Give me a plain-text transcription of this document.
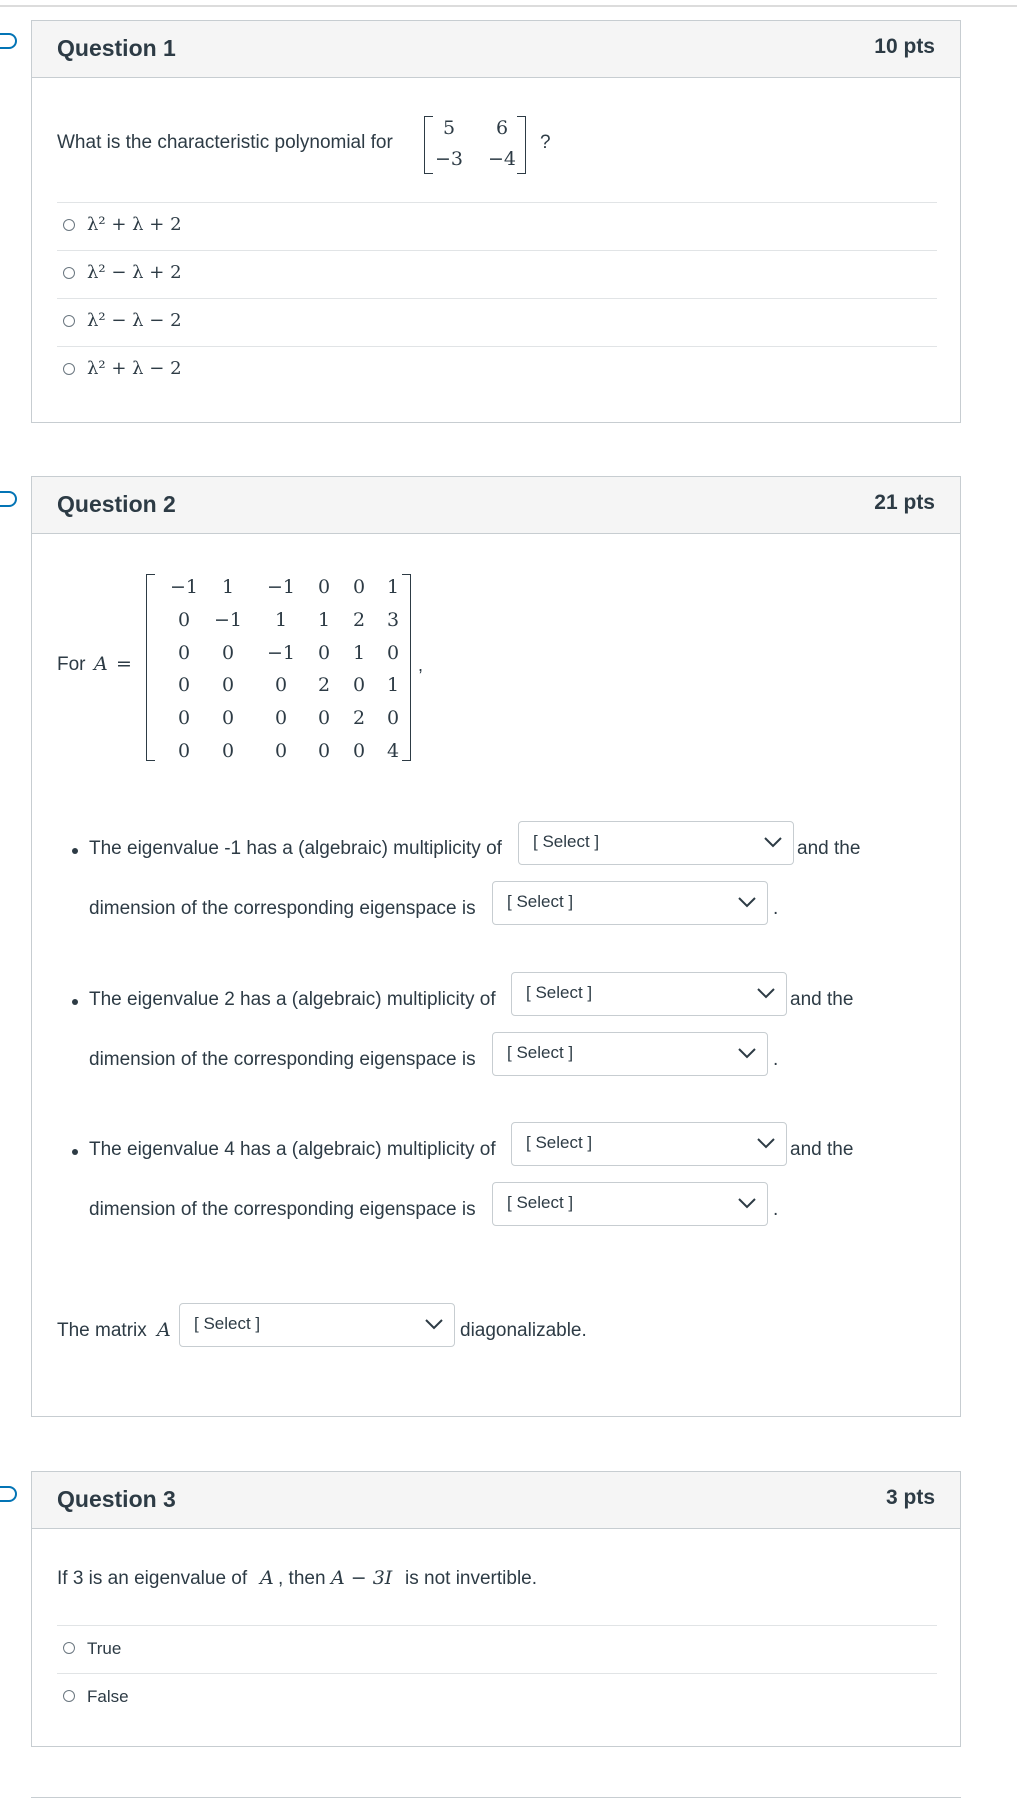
Question 1	10 pts
What is the characteristic polynomial for
5	6
−3	−4
?
λ² + λ + 2
λ² − λ + 2
λ² − λ − 2
λ² + λ − 2
Question 2	21 pts
For A =	,
The eigenvalue -1 has a (algebraic) multiplicity of [ Select ]	and the
dimension of the corresponding eigenspace is [ Select ]	.
The eigenvalue 2 has a (algebraic) multiplicity of [ Select ]	and the
dimension of the corresponding eigenspace is [ Select ]	.
The eigenvalue 4 has a (algebraic) multiplicity of [ Select ]	and the
dimension of the corresponding eigenspace is [ Select ]	.
The matrix A [ Select ]	diagonalizable.
−1	1	−1	0	0	1
0	−1	1	1	2	3
0	0	−1	0	1	0
0	0	0	2	0	1
0	0	0	0	2	0
0	0	0	0	0	4
Question 3	3 pts
If 3 is an eigenvalue of A , then A − 3I is not invertible.
True
False
